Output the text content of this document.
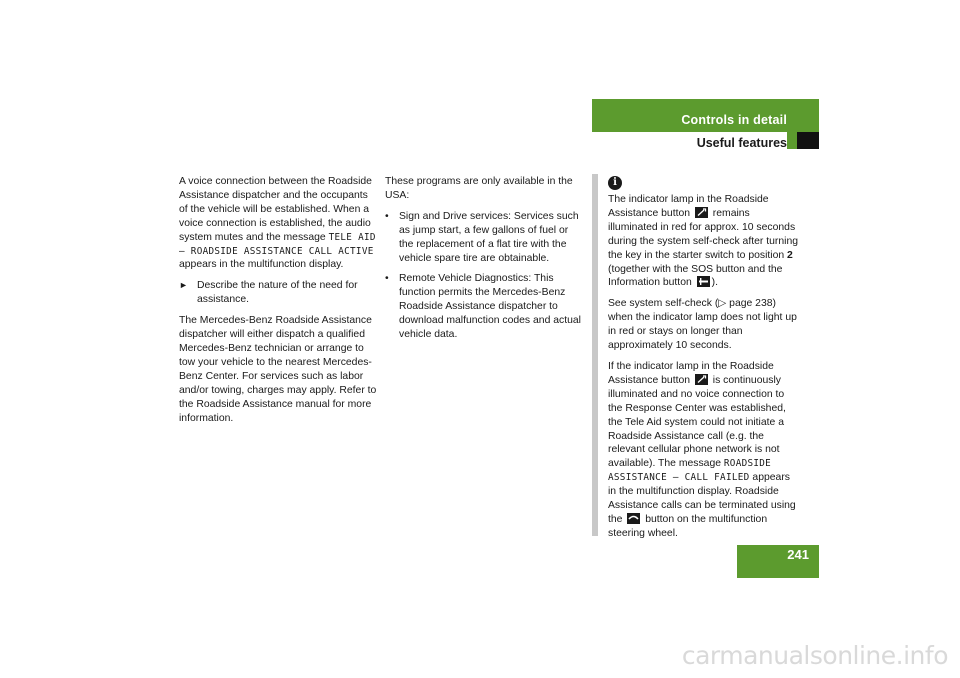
Controls in detail
Useful features

A voice connection between the Roadside Assistance dispatcher and the occupants of the vehicle will be established. When a voice connection is established, the audio system mutes and the message TELE AID – ROADSIDE ASSISTANCE CALL ACTIVE appears in the multifunction display.

► Describe the nature of the need for assistance.

The Mercedes-Benz Roadside Assistance dispatcher will either dispatch a qualified Mercedes-Benz technician or arrange to tow your vehicle to the nearest Mercedes-Benz Center. For services such as labor and/or towing, charges may apply. Refer to the Roadside Assistance manual for more information.

These programs are only available in the USA:

• Sign and Drive services: Services such as jump start, a few gallons of fuel or the replacement of a flat tire with the vehicle spare tire are obtainable.
• Remote Vehicle Diagnostics: This function permits the Mercedes-Benz Roadside Assistance dispatcher to download malfunction codes and actual vehicle data.
i

The indicator lamp in the Roadside Assistance button
remains illuminated in red for approx. 10 seconds during the system self-check after turning the key in the starter switch to position 2 (together with the SOS button and the Information button
).

See system self-check (▷ page 238) when the indicator lamp does not light up in red or stays on longer than approximately 10 seconds.

If the indicator lamp in the Roadside Assistance button
is continuously illuminated and no voice connection to the Response Center was established, the Tele Aid system could not initiate a Roadside Assistance call (e.g. the relevant cellular phone network is not available). The message ROADSIDE ASSISTANCE – CALL FAILED appears in the multifunction display. Roadside Assistance calls can be terminated using the
button on the multifunction steering wheel.

241
carmanualsonline.info
